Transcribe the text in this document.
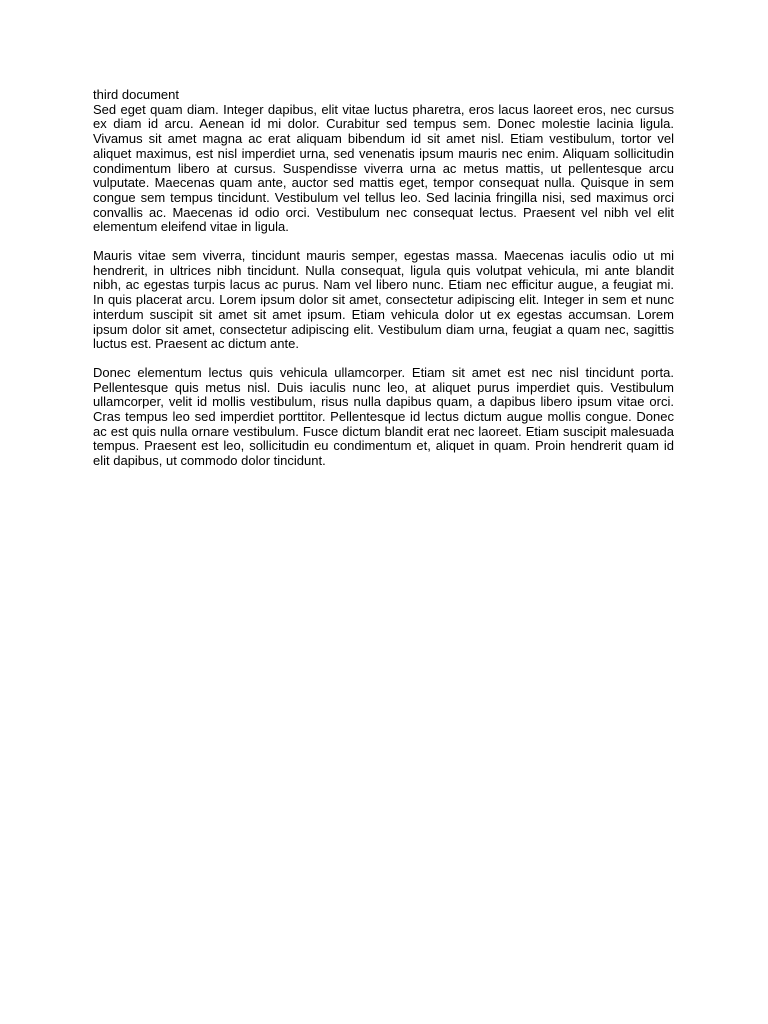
third document

Sed eget quam diam. Integer dapibus, elit vitae luctus pharetra, eros lacus laoreet eros, nec cursus ex diam id arcu. Aenean id mi dolor. Curabitur sed tempus sem. Donec molestie lacinia ligula. Vivamus sit amet magna ac erat aliquam bibendum id sit amet nisl. Etiam vestibulum, tortor vel aliquet maximus, est nisl imperdiet urna, sed venenatis ipsum mauris nec enim. Aliquam sollicitudin condimentum libero at cursus. Suspendisse viverra urna ac metus mattis, ut pellentesque arcu vulputate. Maecenas quam ante, auctor sed mattis eget, tempor consequat nulla. Quisque in sem congue sem tempus tincidunt. Vestibulum vel tellus leo. Sed lacinia fringilla nisi, sed maximus orci convallis ac. Maecenas id odio orci. Vestibulum nec consequat lectus. Praesent vel nibh vel elit elementum eleifend vitae in ligula.

Mauris vitae sem viverra, tincidunt mauris semper, egestas massa. Maecenas iaculis odio ut mi hendrerit, in ultrices nibh tincidunt. Nulla consequat, ligula quis volutpat vehicula, mi ante blandit nibh, ac egestas turpis lacus ac purus. Nam vel libero nunc. Etiam nec efficitur augue, a feugiat mi. In quis placerat arcu. Lorem ipsum dolor sit amet, consectetur adipiscing elit. Integer in sem et nunc interdum suscipit sit amet sit amet ipsum. Etiam vehicula dolor ut ex egestas accumsan. Lorem ipsum dolor sit amet, consectetur adipiscing elit. Vestibulum diam urna, feugiat a quam nec, sagittis luctus est. Praesent ac dictum ante.

Donec elementum lectus quis vehicula ullamcorper. Etiam sit amet est nec nisl tincidunt porta. Pellentesque quis metus nisl. Duis iaculis nunc leo, at aliquet purus imperdiet quis. Vestibulum ullamcorper, velit id mollis vestibulum, risus nulla dapibus quam, a dapibus libero ipsum vitae orci. Cras tempus leo sed imperdiet porttitor. Pellentesque id lectus dictum augue mollis congue. Donec ac est quis nulla ornare vestibulum. Fusce dictum blandit erat nec laoreet. Etiam suscipit malesuada tempus. Praesent est leo, sollicitudin eu condimentum et, aliquet in quam. Proin hendrerit quam id elit dapibus, ut commodo dolor tincidunt.
